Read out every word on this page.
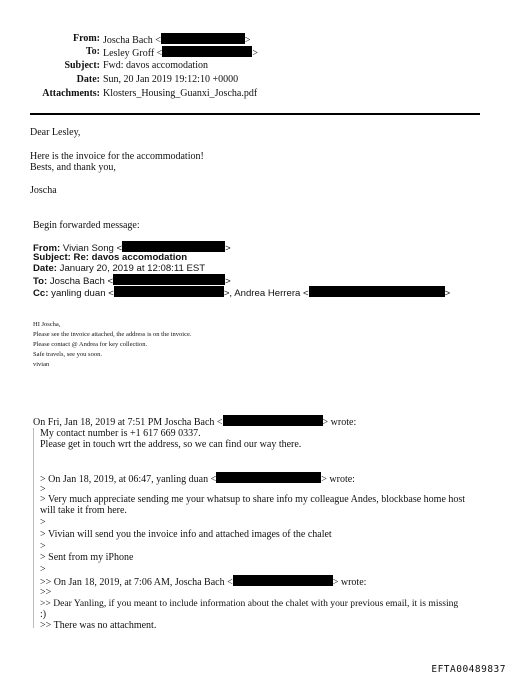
From: Joscha Bach <	>
To: Lesley Groff <	>
Subject: Fwd: davos accomodation
Date: Sun, 20 Jan 2019 19:12:10 +0000
Attachments: Klosters_Housing_Guanxi_Joscha.pdf
Dear Lesley,
Here is the invoice for the accommodation!
Bests, and thank you,
Joscha
Begin forwarded message:
From: Vivian Song <	>
Subject: Re: davos accomodation
Date: January 20, 2019 at 12:08:11 EST
To: Joscha Bach <	>
Cc: yanling duan <	>, Andrea Herrera <	>
HI Joscha,
Please see the invoice attached, the address is on the invoice.
Please contact @ Andrea for key collection.
Safe travels, see you soon.
vivian
On Fri, Jan 18, 2019 at 7:51 PM Joscha Bach <	> wrote:
My contact number is +1 617 669 0337.
Please get in touch wrt the address, so we can find our way there.
> On Jan 18, 2019, at 06:47, yanling duan <	> wrote:
>
> Very much appreciate sending me your whatsup to share info my colleague Andes, blockbase home host
will take it from here.
>
> Vivian will send you the invoice info and attached images of the chalet
>
> Sent from my iPhone
>
>> On Jan 18, 2019, at 7:06 AM, Joscha Bach <	> wrote:
>>
>> Dear Yanling, if you meant to include information about the chalet with your previous email, it is missing
:)
>> There was no attachment.
EFTA00489837
